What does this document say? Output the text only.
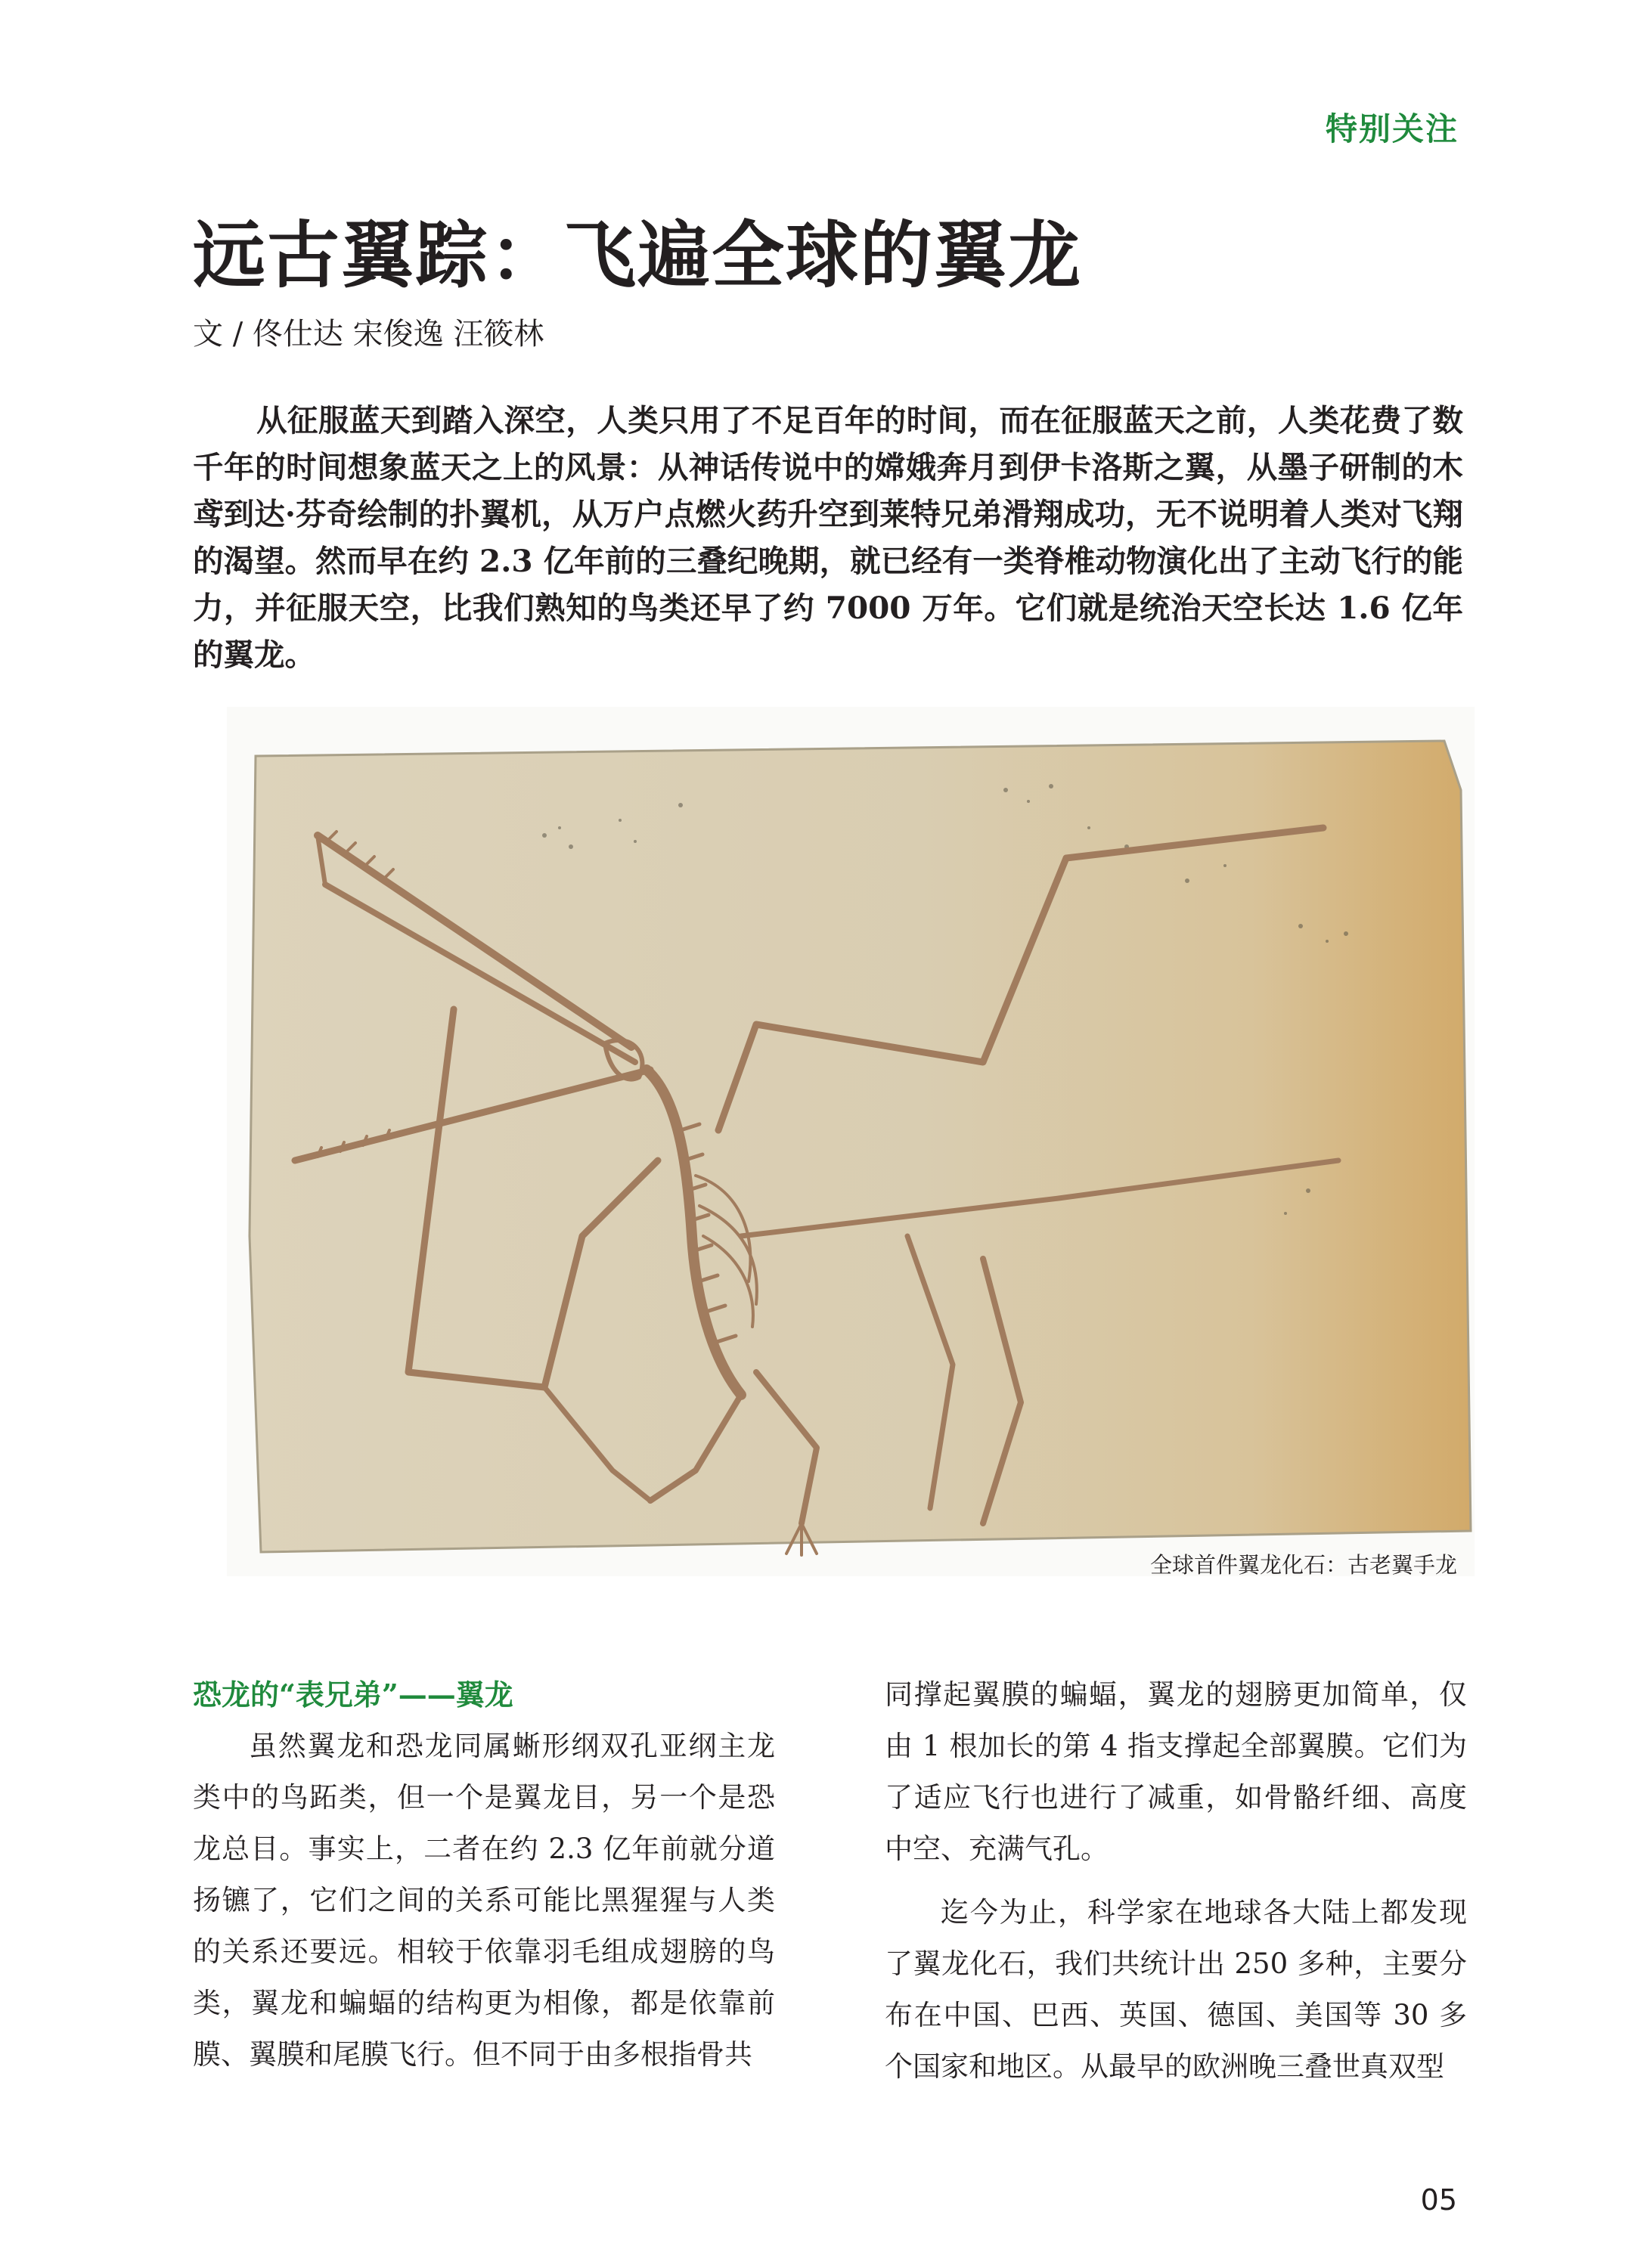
特别关注
远古翼踪：飞遍全球的翼龙
文 / 佟仕达 宋俊逸 汪筱林

从征服蓝天到踏入深空，人类只用了不足百年的时间，而在征服蓝天之前，人类花费了数千年的时间想象蓝天之上的风景：从神话传说中的嫦娥奔月到伊卡洛斯之翼，从墨子研制的木鸢到达·芬奇绘制的扑翼机，从万户点燃火药升空到莱特兄弟滑翔成功，无不说明着人类对飞翔的渴望。然而早在约 2.3 亿年前的三叠纪晚期，就已经有一类脊椎动物演化出了主动飞行的能力，并征服天空，比我们熟知的鸟类还早了约 7000 万年。它们就是统治天空长达 1.6 亿年的翼龙。

全球首件翼龙化石：古老翼手龙

恐龙的“表兄弟”——翼龙

虽然翼龙和恐龙同属蜥形纲双孔亚纲主龙类中的鸟跖类，但一个是翼龙目，另一个是恐龙总目。事实上，二者在约 2.3 亿年前就分道扬镳了，它们之间的关系可能比黑猩猩与人类的关系还要远。相较于依靠羽毛组成翅膀的鸟类，翼龙和蝙蝠的结构更为相像，都是依靠前膜、翼膜和尾膜飞行。但不同于由多根指骨共

同撑起翼膜的蝙蝠，翼龙的翅膀更加简单，仅由 1 根加长的第 4 指支撑起全部翼膜。它们为了适应飞行也进行了减重，如骨骼纤细、高度中空、充满气孔。

迄今为止，科学家在地球各大陆上都发现了翼龙化石，我们共统计出 250 多种，主要分布在中国、巴西、英国、德国、美国等 30 多个国家和地区。从最早的欧洲晚三叠世真双型

05
